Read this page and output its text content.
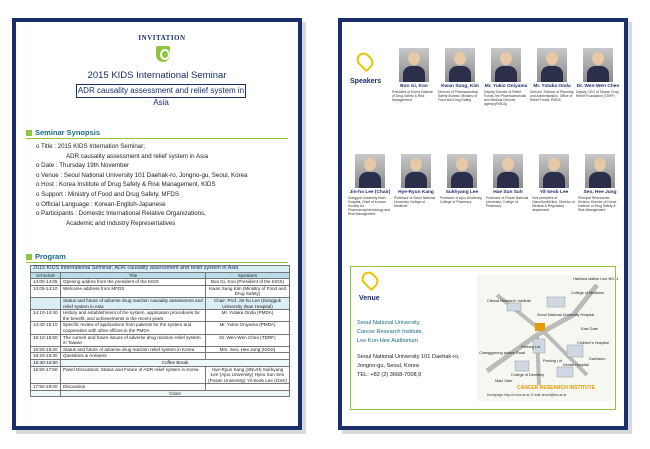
INVITATION
2015 KIDS International Seminar
ADR causality assessment and relief system in Asia
Seminar Synopsis
o Title : 2015 KIDS Internation Seminar;
ADR causality assessment and relief system in Asia
o Date : Thursday 19th November
o Venue : Seoul National University 101 Daehak-ro, Jongno-gu, Seoul, Korea
o Host : Korea Institute of Drug Safety & Risk Management, KIDS
o Support : Ministry of Food and Drug Safety, MFDS
o Official Language : Korean-English-Japanese
o Participants : Domestic International Relative Organizations,
Academic and Industry Representatives
Program
2015 KIDS International Seminar; ADR causality assessment and relief system in Asia		
Schedule	Title	Speakers
14:00-14:05	Opening addres from the president of the KIDS	Bon Gi, Koo (President of the KIDS)
14:05-14:10	Welcome address from MFDS	Kwan Sung Kim (Ministry of Food and Drug Safety)
	Status and future of adverse drug reaction causality assessment and relief system in Asia	Chair: Prof. Jin-ho Lee (Dongguk University Ilsan Hospital)
14:10-14:40	History and establishment of the system, application procedures for the benefit, and achievements in the recent years	Mr. Yutaka Onda (PMDA)
14:40-15:10	Specific review of applications from patients for the system and cooperation with other offices in the PMDA	Mr. Yukio Oniyama (PMDA)
15:10-15:50	The current and future issues of adverse drug reaction relief system in Taiwan	Dr. Wen-Wen Chen (TDRF)
15:50-16:20	Status and future of adverse drug reaction relief system in Korea	Mrs. Seo, Hee Jung (KIDS)
16:20-16:30	Questions & Answers	
16:30-16:50	Coffee Break	
16:50-17:50	Panel Discussion: Status and Future of ADR relief system in Korea	Hye-Ryun Kang (SNUH) Sukhyang Lee (Ajou University) Hyeo Sun Seo (Pusan University) Yil-Seob Lee (GSK)
17:50-18:00	Discussion	
	Close	
Speakers
Bon Gi, Koo
President of Korea Institute of Drug Safety & Risk Management
Kwan Sung, Kim
Director of Pharmaceutical Safety Bureau, Ministry of Food and Drug Safety
Mr. Yukio Oniyama
Deputy Director of Relief Funds, the Pharmaceuticals and Medical Devices agency(PMDA)
Mr. Yutaka Onda
Director, Division of Planning and Administration, Office of Relief Funds, PMDA
Dr. Wen-Wen Chen
Deputy CEO of Taiwan Drug Relief Foundation (TDRF)
Jin-ho Lee (Chair)
Dongguk University Ilsan Hospital, Chief of Korean Society for Pharmacoepidemiology and Risk Management
Hye-Ryun Kang
Professor of Seoul National University College of Medicine
Sukhyang Lee
Professor of Ajou University, College of Pharmacy
Hae Sun Suh
Professor of Pusan National University, College of Pharmacy
Yil-Seob Lee
Vice president of GlaxoSmithKline, Director of Medical & Regulatory department
Seo, Hee Jung
Principal Researcher, Division Director of Korea Institute of Drug Safety & Risk Management
Venue
Seoul National University,
Cancer Research Institute,
Lee Kun-Hee Auditorium
Seoul National University 101 Daehak-ro,
Jongno-gu, Seoul, Korea
TEL: +82 (2) 3668-7008,9
Haehwa station Line NO. 4
College of Medicine
Clinical Research Institute
Seoul National University Hospital
East Gate
Children's Hospital
Changgyeong palace Road
Parking Lot
Dental Hospital
Daehakro
College of Dentistry
Main Gate
Parking Lot
CANCER RESEARCH INSTITUTE
Homepage: http://cri.snu.ac.kr, E-mail: snucri@snu.ac.kr
